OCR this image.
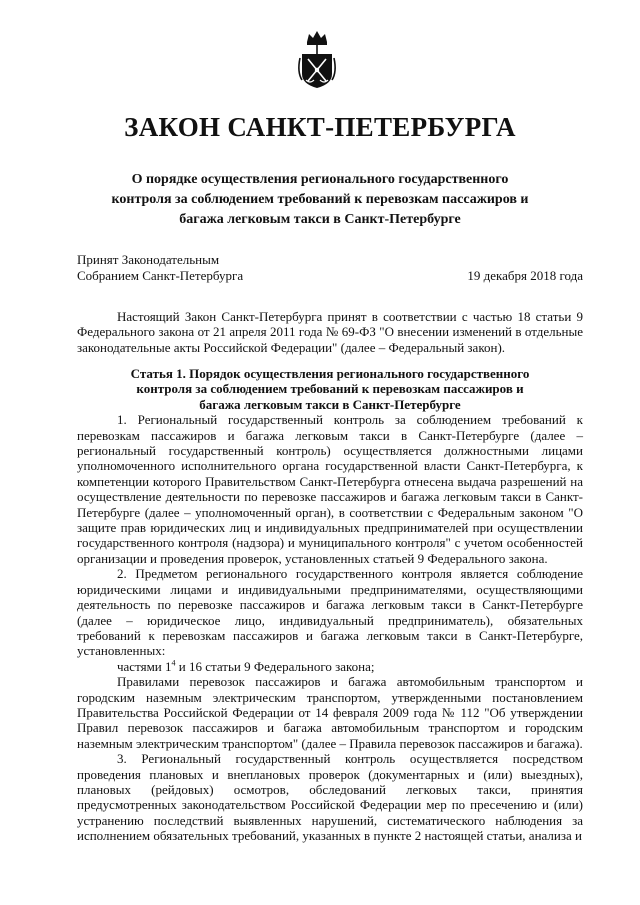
ЗАКОН САНКТ-ПЕТЕРБУРГА
О порядке осуществления регионального государственного
контроля за соблюдением требований к перевозкам пассажиров и
багажа легковым такси в Санкт-Петербурге
Принят Законодательным
Собранием Санкт-Петербурга	19 декабря 2018 года

Настоящий Закон Санкт-Петербурга принят в соответствии с частью 18 статьи 9 Федерального закона от 21 апреля 2011 года № 69-ФЗ "О внесении изменений в отдельные законодательные акты Российской Федерации" (далее – Федеральный закон).

Статья 1. Порядок осуществления регионального государственного контроля за соблюдением требований к перевозкам пассажиров и багажа легковым такси в Санкт-Петербурге

1. Региональный государственный контроль за соблюдением требований к перевозкам пассажиров и багажа легковым такси в Санкт-Петербурге (далее – региональный государственный контроль) осуществляется должностными лицами уполномоченного исполнительного органа государственной власти Санкт-Петербурга, к компетенции которого Правительством Санкт-Петербурга отнесена выдача разрешений на осуществление деятельности по перевозке пассажиров и багажа легковым такси в Санкт-Петербурге (далее – уполномоченный орган), в соответствии с Федеральным законом "О защите прав юридических лиц и индивидуальных предпринимателей при осуществлении государственного контроля (надзора) и муниципального контроля" с учетом особенностей организации и проведения проверок, установленных статьей 9 Федерального закона.

2. Предметом регионального государственного контроля является соблюдение юридическими лицами и индивидуальными предпринимателями, осуществляющими деятельность по перевозке пассажиров и багажа легковым такси в Санкт-Петербурге (далее – юридическое лицо, индивидуальный предприниматель), обязательных требований к перевозкам пассажиров и багажа легковым такси в Санкт-Петербурге, установленных:

частями $1^4$ и 16 статьи 9 Федерального закона;

Правилами перевозок пассажиров и багажа автомобильным транспортом и городским наземным электрическим транспортом, утвержденными постановлением Правительства Российской Федерации от 14 февраля 2009 года № 112 "Об утверждении Правил перевозок пассажиров и багажа автомобильным транспортом и городским наземным электрическим транспортом" (далее – Правила перевозок пассажиров и багажа).

3. Региональный государственный контроль осуществляется посредством проведения плановых и внеплановых проверок (документарных и (или) выездных), плановых (рейдовых) осмотров, обследований легковых такси, принятия предусмотренных законодательством Российской Федерации мер по пресечению и (или) устранению последствий выявленных нарушений, систематического наблюдения за исполнением обязательных требований, указанных в пункте 2 настоящей статьи, анализа и
